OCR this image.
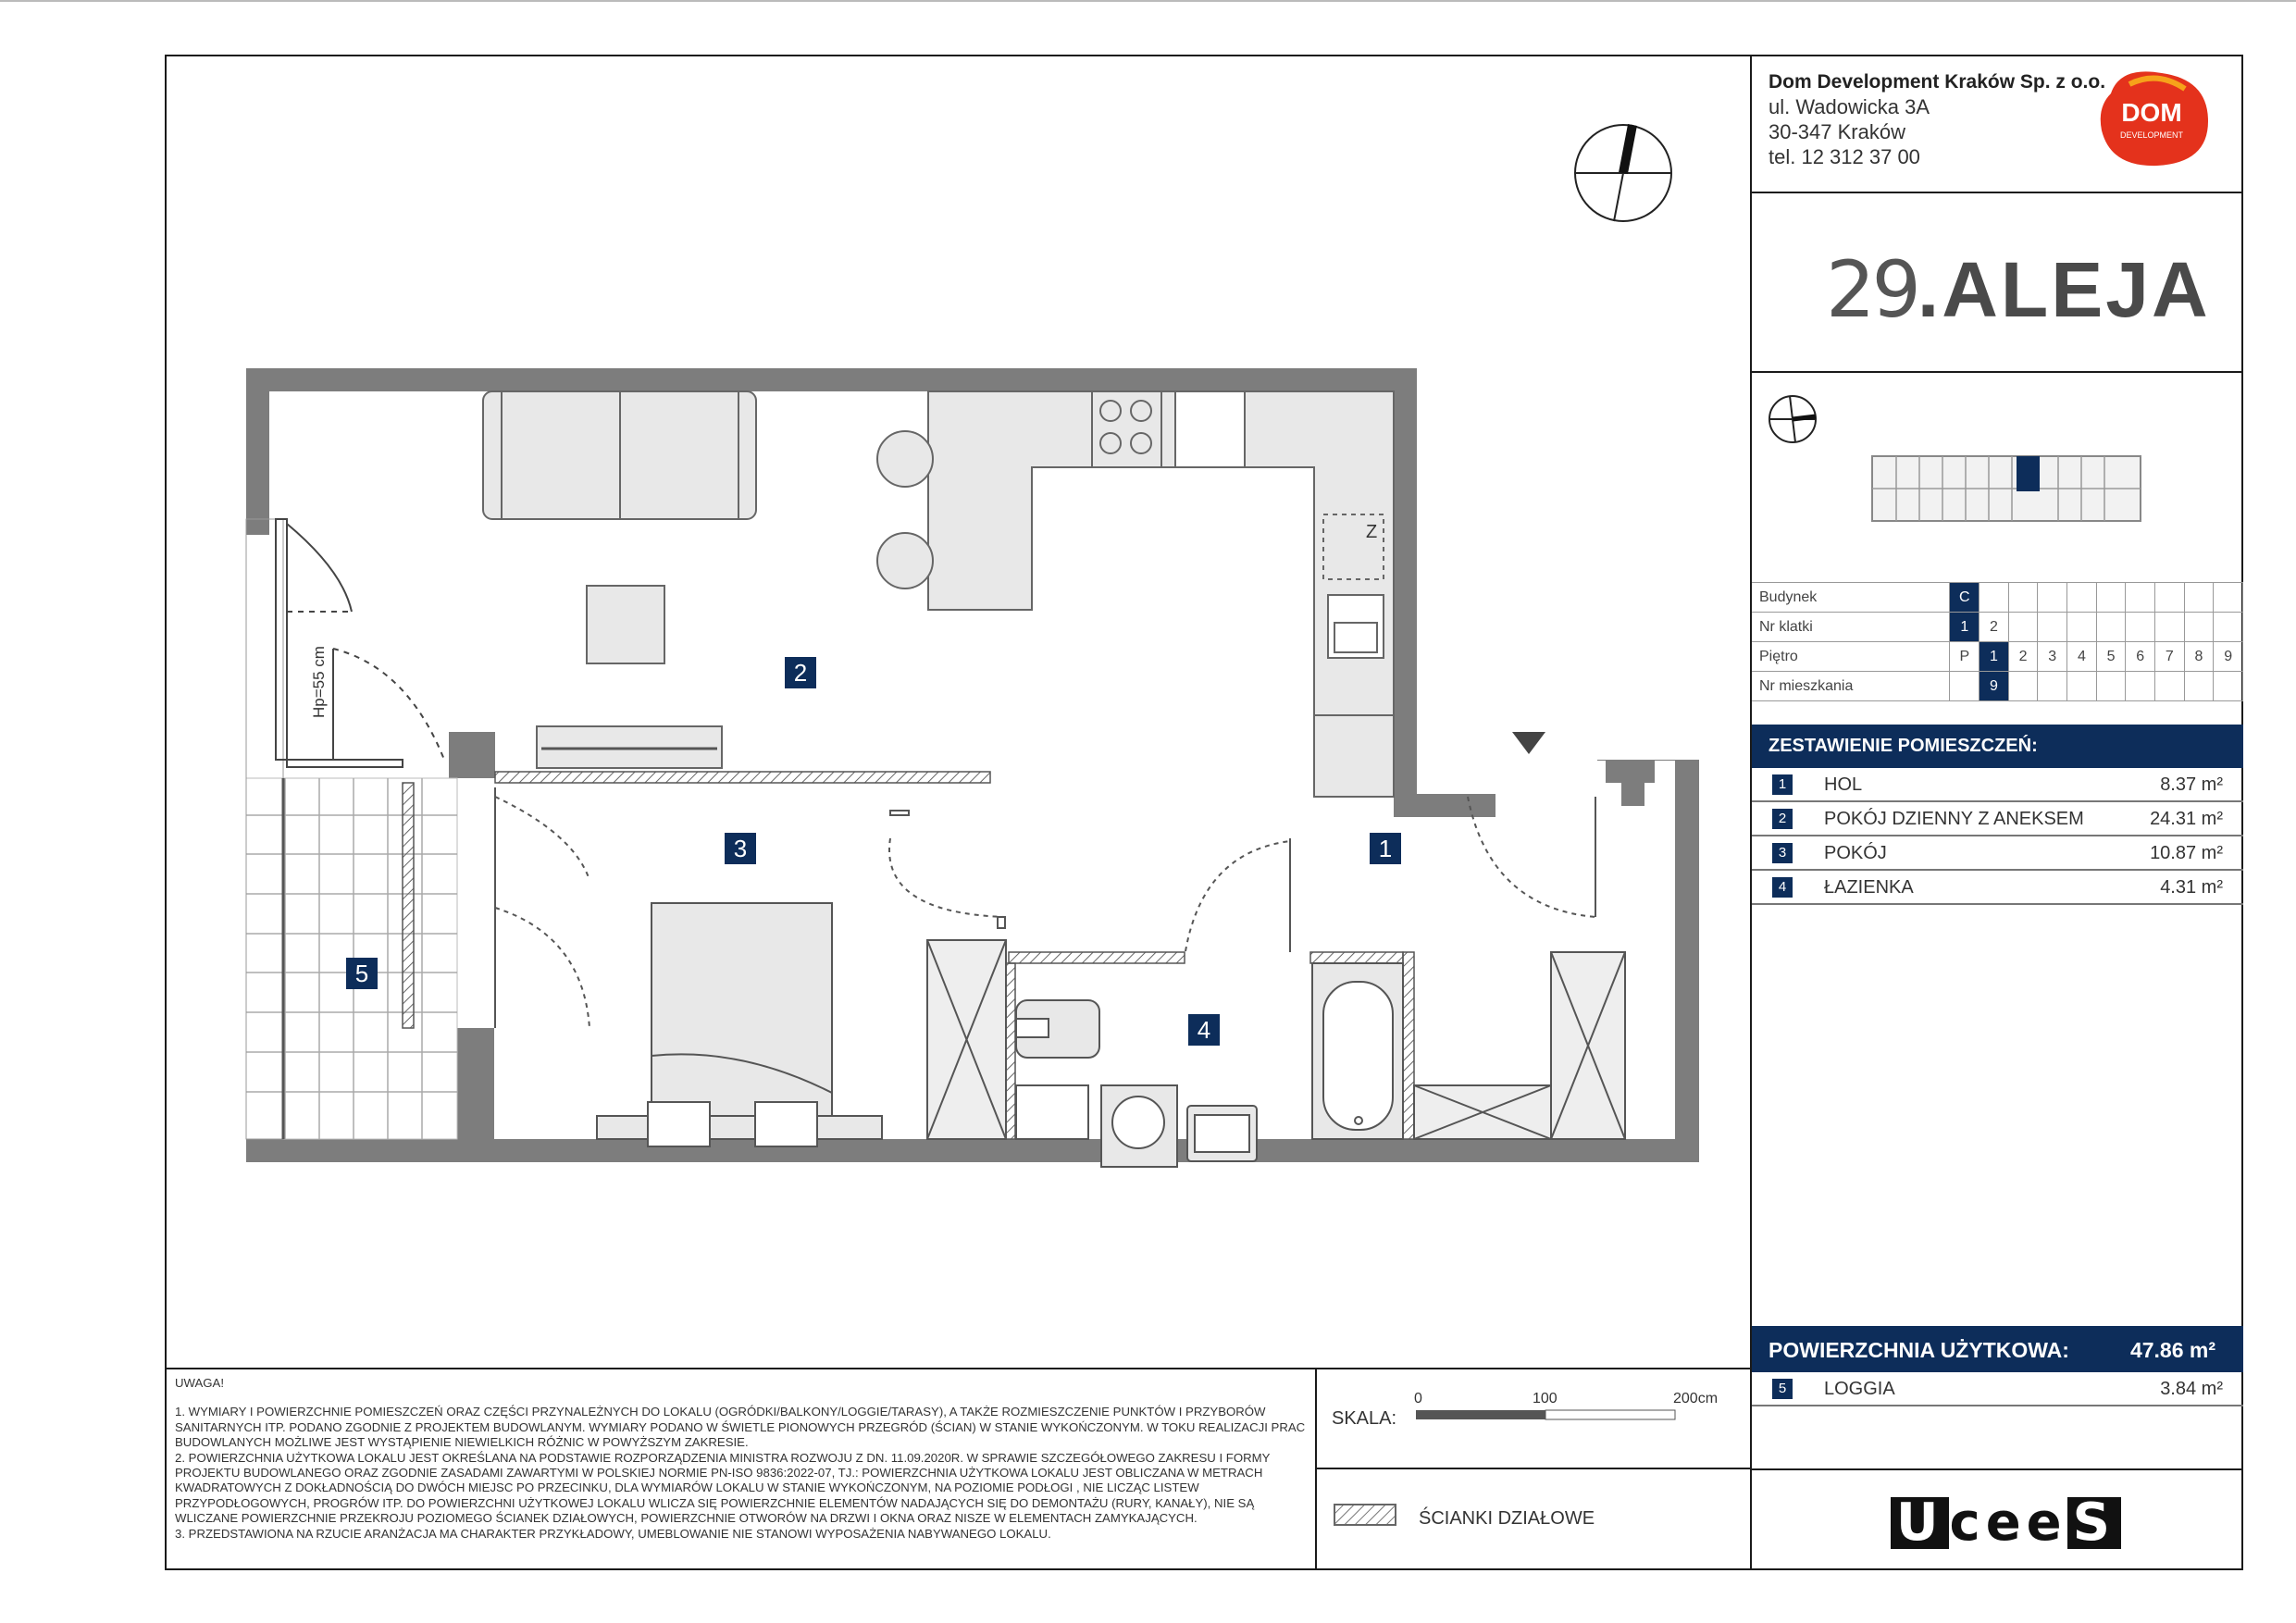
Hp=55 cm
Z
2
3	1
4
5
Dom Development Kraków Sp. z o.o.
ul. Wadowicka 3A
30-347 Kraków
tel. 12 312 37 00
DOM
DEVELOPMENT
29.ALEJA
Budynek	C									
Nr klatki	1	2								
Piętro	P	1	2	3	4	5	6	7	8	9
Nr mieszkania		9								
ZESTAWIENIE POMIESZCZEŃ:
1	HOL	8.37 m²
2	POKÓJ DZIENNY Z ANEKSEM	24.31 m²
3	POKÓJ	10.87 m²
4	ŁAZIENKA	4.31 m²
POWIERZCHNIA UŻYTKOWA:	47.86 m²
5	LOGGIA	3.84 m²
U cee S
UWAGA!
1. WYMIARY I POWIERZCHNIE POMIESZCZEŃ ORAZ CZĘŚCI PRZYNALEŻNYCH DO LOKALU (OGRÓDKI/BALKONY/LOGGIE/TARASY), A TAKŻE ROZMIESZCZENIE PUNKTÓW I PRZYBORÓW SANITARNYCH ITP. PODANO ZGODNIE Z PROJEKTEM BUDOWLANYM. WYMIARY PODANO W ŚWIETLE PIONOWYCH PRZEGRÓD (ŚCIAN) W STANIE WYKOŃCZONYM. W TOKU REALIZACJI PRAC BUDOWLANYCH MOŻLIWE JEST WYSTĄPIENIE NIEWIELKICH RÓŻNIC W POWYŻSZYM ZAKRESIE.
2. POWIERZCHNIA UŻYTKOWA LOKALU JEST OKREŚLANA NA PODSTAWIE ROZPORZĄDZENIA MINISTRA ROZWOJU Z DN. 11.09.2020R. W SPRAWIE SZCZEGÓŁOWEGO ZAKRESU I FORMY PROJEKTU BUDOWLANEGO ORAZ ZGODNIE ZASADAMI ZAWARTYMI W POLSKIEJ NORMIE PN-ISO 9836:2022-07, TJ.: POWIERZCHNIA UŻYTKOWA LOKALU JEST OBLICZANA W METRACH KWADRATOWYCH Z DOKŁADNOŚCIĄ DO DWÓCH MIEJSC PO PRZECINKU, DLA WYMIARÓW LOKALU W STANIE WYKOŃCZONYM, NA POZIOMIE PODŁOGI , NIE LICZĄC LISTEW PRZYPODŁOGOWYCH, PROGRÓW ITP. DO POWIERZCHNI UŻYTKOWEJ LOKALU WLICZA SIĘ POWIERZCHNIE ELEMENTÓW NADAJĄCYCH SIĘ DO DEMONTAŻU (RURY, KANAŁY), NIE SĄ WLICZANE POWIERZCHNIE PRZEKROJU POZIOMEGO ŚCIANEK DZIAŁOWYCH, POWIERZCHNIE OTWORÓW NA DRZWI I OKNA ORAZ NISZE W ELEMENTACH ZAMYKAJĄCYCH.
3. PRZEDSTAWIONA NA RZUCIE ARANŻACJA MA CHARAKTER PRZYKŁADOWY, UMEBLOWANIE NIE STANOWI WYPOSAŻENIA NABYWANEGO LOKALU.
SKALA:
0	100	200cm
ŚCIANKI DZIAŁOWE
